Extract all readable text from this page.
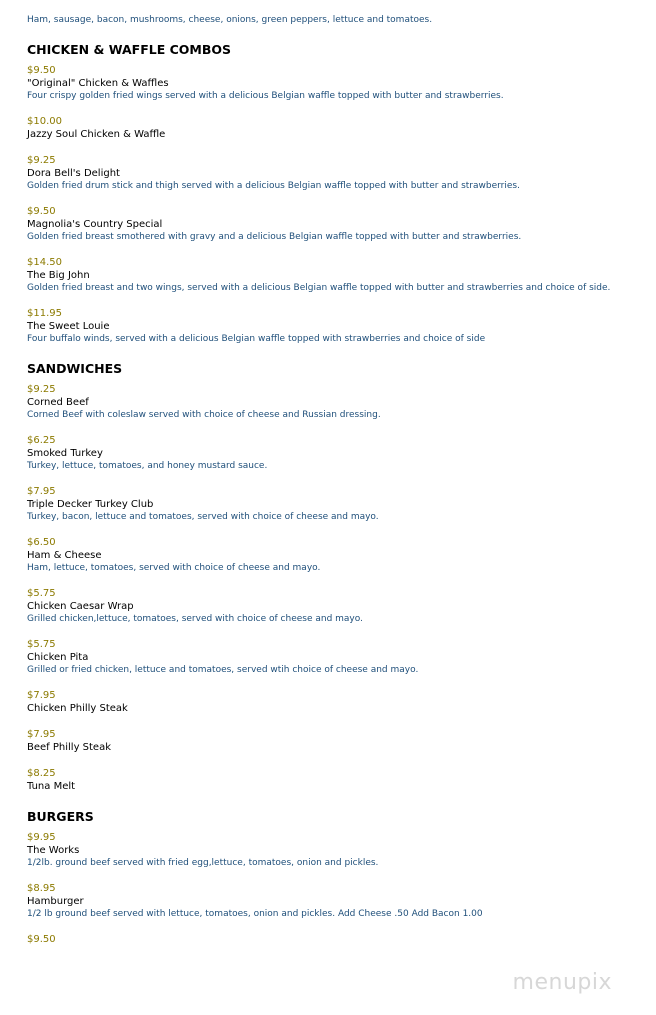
Ham, sausage, bacon, mushrooms, cheese, onions, green peppers, lettuce and tomatoes.
CHICKEN & WAFFLE COMBOS
$9.50
"Original" Chicken & Waffles
Four crispy golden fried wings served with a delicious Belgian waffle topped with butter and strawberries.
$10.00
Jazzy Soul Chicken & Waffle
$9.25
Dora Bell's Delight
Golden fried drum stick and thigh served with a delicious Belgian waffle topped with butter and strawberries.
$9.50
Magnolia's Country Special
Golden fried breast smothered with gravy and a delicious Belgian waffle topped with butter and strawberries.
$14.50
The Big John
Golden fried breast and two wings, served with a delicious Belgian waffle topped with butter and strawberries and choice of side.
$11.95
The Sweet Louie
Four buffalo winds, served with a delicious Belgian waffle topped with strawberries and choice of side
SANDWICHES
$9.25
Corned Beef
Corned Beef with coleslaw served with choice of cheese and Russian dressing.
$6.25
Smoked Turkey
Turkey, lettuce, tomatoes, and honey mustard sauce.
$7.95
Triple Decker Turkey Club
Turkey, bacon, lettuce and tomatoes, served with choice of cheese and mayo.
$6.50
Ham & Cheese
Ham, lettuce, tomatoes, served with choice of cheese and mayo.
$5.75
Chicken Caesar Wrap
Grilled chicken,lettuce, tomatoes, served with choice of cheese and mayo.
$5.75
Chicken Pita
Grilled or fried chicken, lettuce and tomatoes, served wtih choice of cheese and mayo.
$7.95
Chicken Philly Steak
$7.95
Beef Philly Steak
$8.25
Tuna Melt
BURGERS
$9.95
The Works
1/2lb. ground beef served with fried egg,lettuce, tomatoes, onion and pickles.
$8.95
Hamburger
1/2 lb ground beef served with lettuce, tomatoes, onion and pickles. Add Cheese .50 Add Bacon 1.00
$9.50
menupix
